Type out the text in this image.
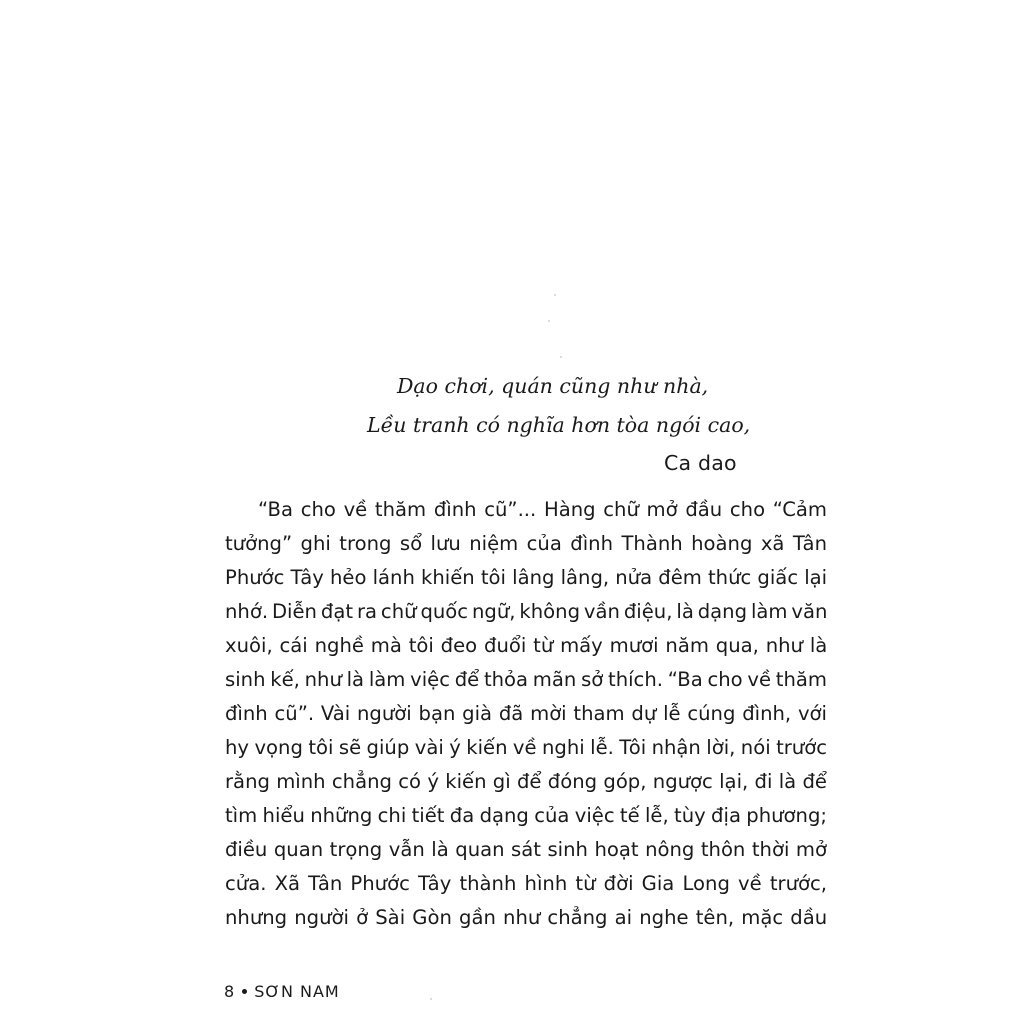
Dạo chơi, quán cũng như nhà,
Lều tranh có nghĩa hơn tòa ngói cao,
Ca dao
“Ba cho về thăm đình cũ”... Hàng chữ mở đầu cho “Cảm
tưởng” ghi trong sổ lưu niệm của đình Thành hoàng xã Tân
Phước Tây hẻo lánh khiến tôi lâng lâng, nửa đêm thức giấc lại
nhớ. Diễn đạt ra chữ quốc ngữ, không vần điệu, là dạng làm văn
xuôi, cái nghề mà tôi đeo đuổi từ mấy mươi năm qua, như là
sinh kế, như là làm việc để thỏa mãn sở thích. “Ba cho về thăm
đình cũ”. Vài người bạn già đã mời tham dự lễ cúng đình, với
hy vọng tôi sẽ giúp vài ý kiến về nghi lễ. Tôi nhận lời, nói trước
rằng mình chẳng có ý kiến gì để đóng góp, ngược lại, đi là để
tìm hiểu những chi tiết đa dạng của việc tế lễ, tùy địa phương;
điều quan trọng vẫn là quan sát sinh hoạt nông thôn thời mở
cửa. Xã Tân Phước Tây thành hình từ đời Gia Long về trước,
nhưng người ở Sài Gòn gần như chẳng ai nghe tên, mặc dầu
8 SƠN NAM
